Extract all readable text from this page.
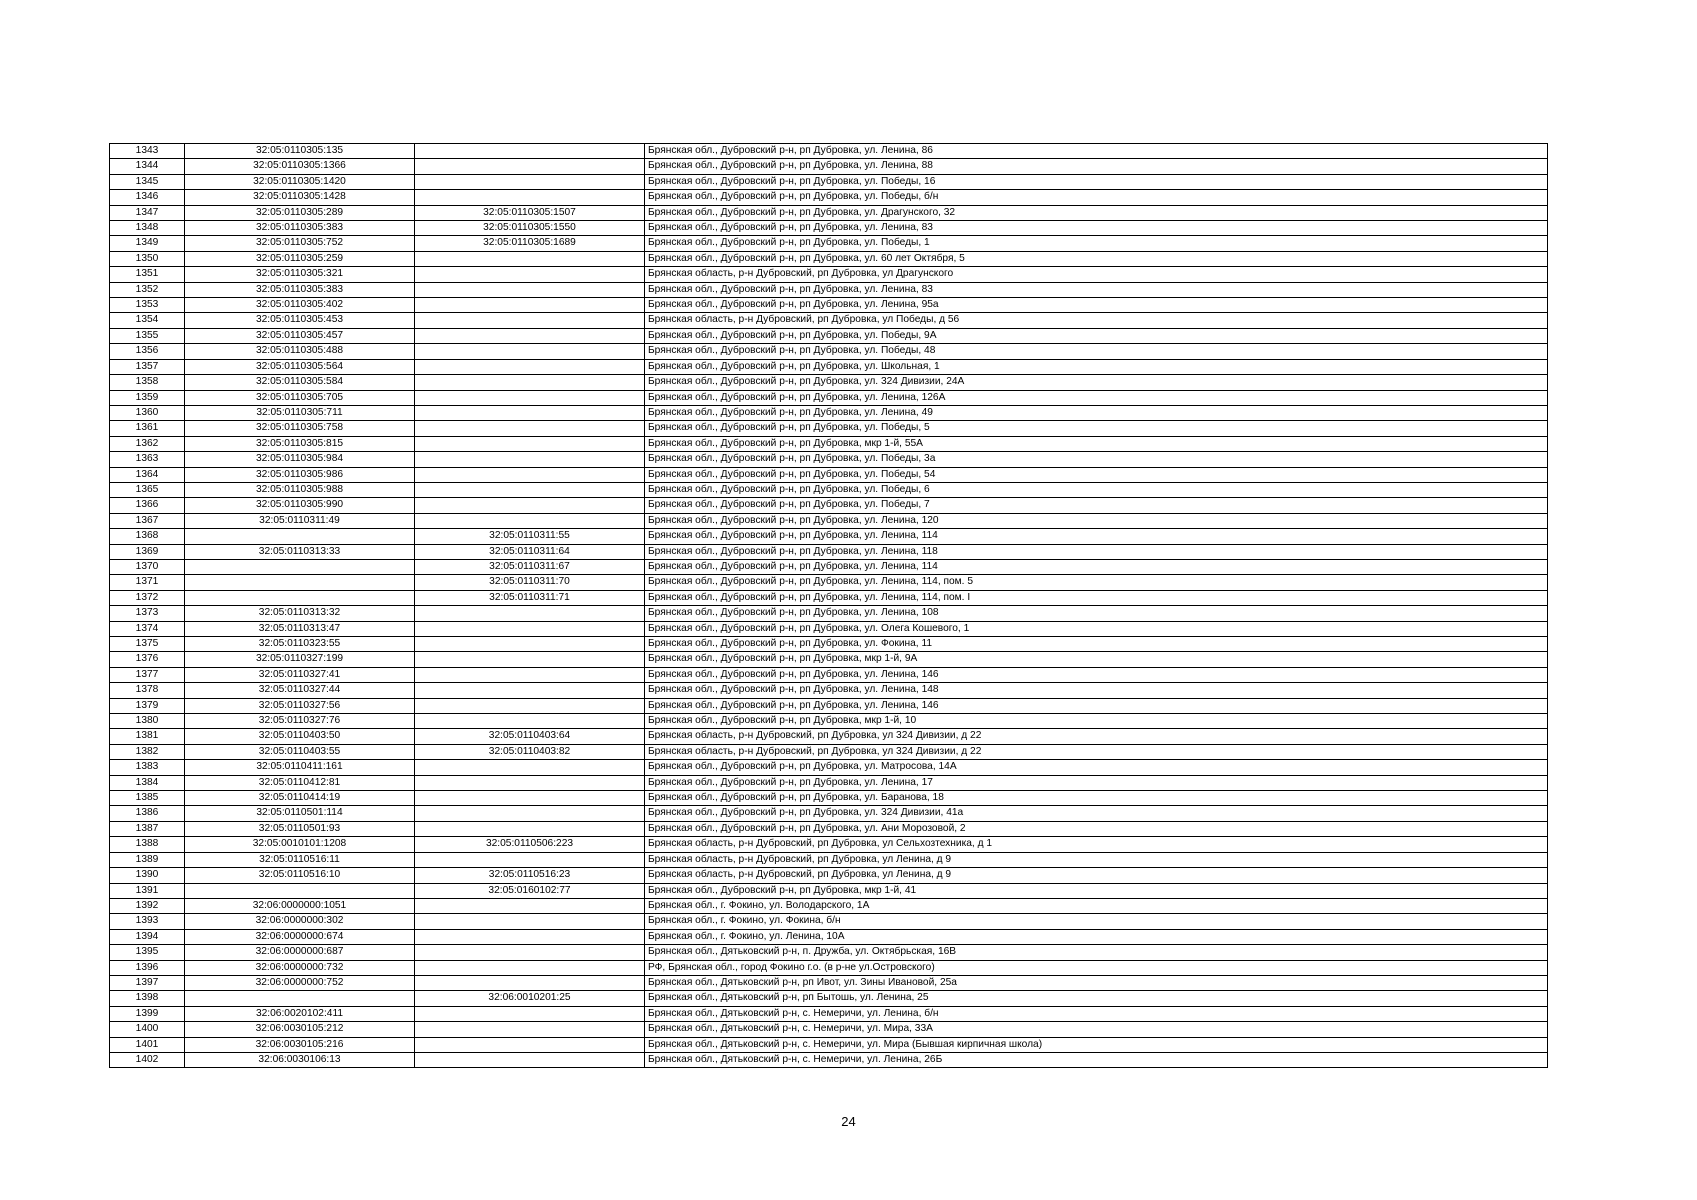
1343	32:05:0110305:135		Брянская обл., Дубровский р-н, рп Дубровка, ул. Ленина, 86
1344	32:05:0110305:1366		Брянская обл., Дубровский р-н, рп Дубровка, ул. Ленина, 88
1345	32:05:0110305:1420		Брянская обл., Дубровский р-н, рп Дубровка, ул. Победы, 16
1346	32:05:0110305:1428		Брянская обл., Дубровский р-н, рп Дубровка, ул. Победы, б/н
1347	32:05:0110305:289	32:05:0110305:1507	Брянская обл., Дубровский р-н, рп Дубровка, ул. Драгунского, 32
1348	32:05:0110305:383	32:05:0110305:1550	Брянская обл., Дубровский р-н, рп Дубровка, ул. Ленина, 83
1349	32:05:0110305:752	32:05:0110305:1689	Брянская обл., Дубровский р-н, рп Дубровка, ул. Победы, 1
1350	32:05:0110305:259		Брянская обл., Дубровский р-н, рп Дубровка, ул. 60 лет Октября, 5
1351	32:05:0110305:321		Брянская область, р-н Дубровский, рп Дубровка, ул Драгунского
1352	32:05:0110305:383		Брянская обл., Дубровский р-н, рп Дубровка, ул. Ленина, 83
1353	32:05:0110305:402		Брянская обл., Дубровский р-н, рп Дубровка, ул. Ленина, 95а
1354	32:05:0110305:453		Брянская область, р-н Дубровский, рп Дубровка, ул Победы, д 56
1355	32:05:0110305:457		Брянская обл., Дубровский р-н, рп Дубровка, ул. Победы, 9А
1356	32:05:0110305:488		Брянская обл., Дубровский р-н, рп Дубровка, ул. Победы, 48
1357	32:05:0110305:564		Брянская обл., Дубровский р-н, рп Дубровка, ул. Школьная, 1
1358	32:05:0110305:584		Брянская обл., Дубровский р-н, рп Дубровка, ул. 324 Дивизии, 24А
1359	32:05:0110305:705		Брянская обл., Дубровский р-н, рп Дубровка, ул. Ленина, 126А
1360	32:05:0110305:711		Брянская обл., Дубровский р-н, рп Дубровка, ул. Ленина, 49
1361	32:05:0110305:758		Брянская обл., Дубровский р-н, рп Дубровка, ул. Победы, 5
1362	32:05:0110305:815		Брянская обл., Дубровский р-н, рп Дубровка, мкр 1-й, 55А
1363	32:05:0110305:984		Брянская обл., Дубровский р-н, рп Дубровка, ул. Победы, 3а
1364	32:05:0110305:986		Брянская обл., Дубровский р-н, рп Дубровка, ул. Победы, 54
1365	32:05:0110305:988		Брянская обл., Дубровский р-н, рп Дубровка, ул. Победы, 6
1366	32:05:0110305:990		Брянская обл., Дубровский р-н, рп Дубровка, ул. Победы, 7
1367	32:05:0110311:49		Брянская обл., Дубровский р-н, рп Дубровка, ул. Ленина, 120
1368		32:05:0110311:55	Брянская обл., Дубровский р-н, рп Дубровка, ул. Ленина, 114
1369	32:05:0110313:33	32:05:0110311:64	Брянская обл., Дубровский р-н, рп Дубровка, ул. Ленина, 118
1370		32:05:0110311:67	Брянская обл., Дубровский р-н, рп Дубровка, ул. Ленина, 114
1371		32:05:0110311:70	Брянская обл., Дубровский р-н, рп Дубровка, ул. Ленина, 114, пом. 5
1372		32:05:0110311:71	Брянская обл., Дубровский р-н, рп Дубровка, ул. Ленина, 114, пом. I
1373	32:05:0110313:32		Брянская обл., Дубровский р-н, рп Дубровка, ул. Ленина, 108
1374	32:05:0110313:47		Брянская обл., Дубровский р-н, рп Дубровка, ул. Олега Кошевого, 1
1375	32:05:0110323:55		Брянская обл., Дубровский р-н, рп Дубровка, ул. Фокина, 11
1376	32:05:0110327:199		Брянская обл., Дубровский р-н, рп Дубровка, мкр 1-й, 9А
1377	32:05:0110327:41		Брянская обл., Дубровский р-н, рп Дубровка, ул. Ленина, 146
1378	32:05:0110327:44		Брянская обл., Дубровский р-н, рп Дубровка, ул. Ленина, 148
1379	32:05:0110327:56		Брянская обл., Дубровский р-н, рп Дубровка, ул. Ленина, 146
1380	32:05:0110327:76		Брянская обл., Дубровский р-н, рп Дубровка, мкр 1-й, 10
1381	32:05:0110403:50	32:05:0110403:64	Брянская область, р-н Дубровский, рп Дубровка, ул 324 Дивизии, д 22
1382	32:05:0110403:55	32:05:0110403:82	Брянская область, р-н Дубровский, рп Дубровка, ул 324 Дивизии, д 22
1383	32:05:0110411:161		Брянская обл., Дубровский р-н, рп Дубровка, ул. Матросова, 14А
1384	32:05:0110412:81		Брянская обл., Дубровский р-н, рп Дубровка, ул. Ленина, 17
1385	32:05:0110414:19		Брянская обл., Дубровский р-н, рп Дубровка, ул. Баранова, 18
1386	32:05:0110501:114		Брянская обл., Дубровский р-н, рп Дубровка, ул. 324 Дивизии, 41а
1387	32:05:0110501:93		Брянская обл., Дубровский р-н, рп Дубровка, ул. Ани Морозовой, 2
1388	32:05:0010101:1208	32:05:0110506:223	Брянская область, р-н Дубровский, рп Дубровка, ул Сельхозтехника, д 1
1389	32:05:0110516:11		Брянская область, р-н Дубровский, рп Дубровка, ул Ленина, д 9
1390	32:05:0110516:10	32:05:0110516:23	Брянская область, р-н Дубровский, рп Дубровка, ул Ленина, д 9
1391		32:05:0160102:77	Брянская обл., Дубровский р-н, рп Дубровка, мкр 1-й, 41
1392	32:06:0000000:1051		Брянская обл., г. Фокино, ул. Володарского, 1А
1393	32:06:0000000:302		Брянская обл., г. Фокино, ул. Фокина, б/н
1394	32:06:0000000:674		Брянская обл., г. Фокино, ул. Ленина, 10А
1395	32:06:0000000:687		Брянская обл., Дятьковский р-н, п. Дружба, ул. Октябрьская, 16В
1396	32:06:0000000:732		РФ, Брянская обл., город Фокино г.о. (в р-не ул.Островского)
1397	32:06:0000000:752		Брянская обл., Дятьковский р-н, рп Ивот, ул. Зины Ивановой, 25а
1398		32:06:0010201:25	Брянская обл., Дятьковский р-н, рп Бытошь, ул. Ленина, 25
1399	32:06:0020102:411		Брянская обл., Дятьковский р-н, с. Немеричи, ул. Ленина, б/н
1400	32:06:0030105:212		Брянская обл., Дятьковский р-н, с. Немеричи, ул. Мира, 33А
1401	32:06:0030105:216		Брянская обл., Дятьковский р-н, с. Немеричи, ул. Мира (Бывшая кирпичная школа)
1402	32:06:0030106:13		Брянская обл., Дятьковский р-н, с. Немеричи, ул. Ленина, 26Б
24
